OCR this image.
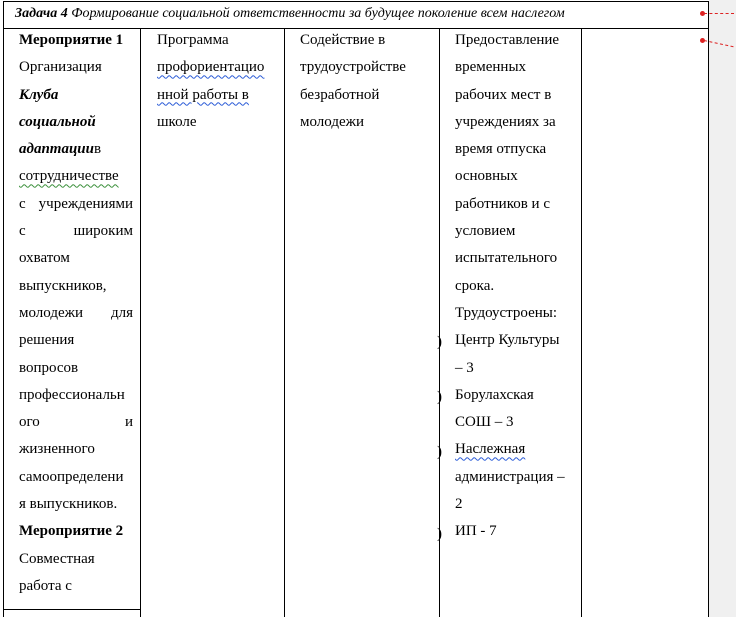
Задача 4 Формирование социальной ответственности за будущее поколение всем наслегом
Мероприятие 1
Организация
Клуба
социальной
адаптациив
сотрудничестве
с учреждениями
с	широким
охватом
выпускников,
молодежи для
решения
вопросов
профессиональн
ого	и
жизненного
самоопределени
я выпускников.
Мероприятие 2
Совместная
работа с
Программа
профориентацио
нной работы в
школе
Содействие в
трудоустройстве
безработной
молодежи
Предоставление
временных
рабочих мест в
учреждениях за
время отпуска
основных
работников и с
условием
испытательного
срока.
Трудоустроены:
Центр Культуры
– 3
Борулахская
СОШ – 3
Наслежная
администрация –
2
ИП - 7
)
)
)
)
